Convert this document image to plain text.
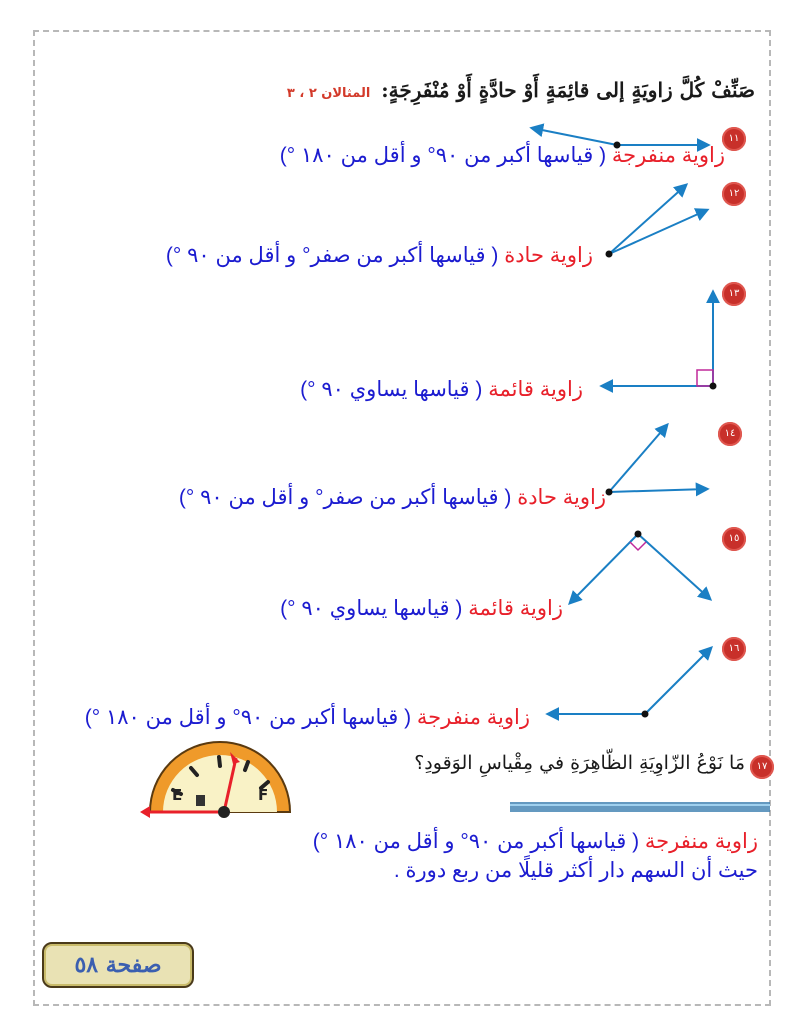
صَنِّفْ كُلَّ زاويَةٍ إلى قائِمَةٍ أَوْ حادَّةٍ أَوْ مُنْفَرِجَةٍ: المثالان ٢ ، ٣
١١
١٢
١٣
١٤
١٥
١٦
E	F
زاوية منفرجة ( قياسها أكبر من ٩٠° و أقل من ١٨٠ °)
زاوية حادة ( قياسها أكبر من صفر° و أقل من ٩٠ °)
زاوية قائمة ( قياسها يساوي ٩٠ °)
زاوية حادة ( قياسها أكبر من صفر° و أقل من ٩٠ °)
زاوية قائمة ( قياسها يساوي ٩٠ °)
زاوية منفرجة ( قياسها أكبر من ٩٠° و أقل من ١٨٠ °)
١٧
مَا نَوْعُ الزّاوِيَةِ الظّاهِرَةِ في مِقْياسِ الوَقودِ؟
زاوية منفرجة ( قياسها أكبر من ٩٠° و أقل من ١٨٠ °) حيث أن السهم دار أكثر قليلًا من ربع دورة .
صفحة ٥٨
